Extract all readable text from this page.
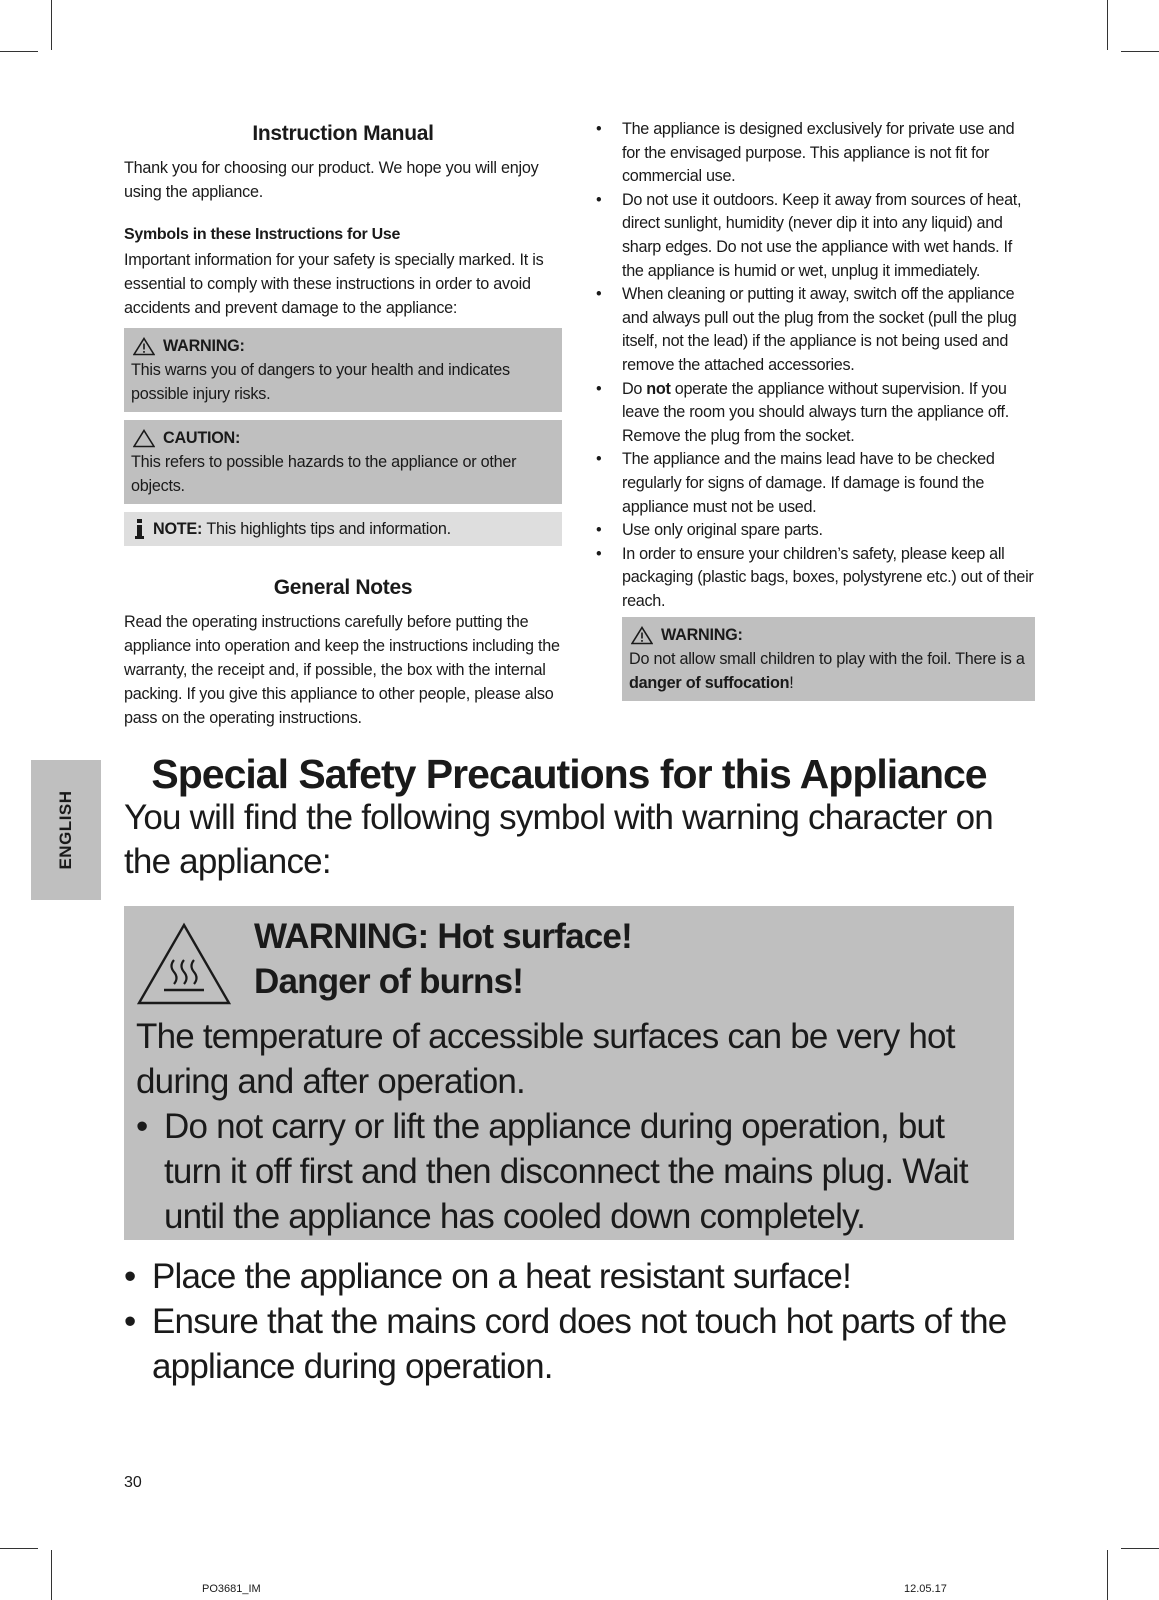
Instruction Manual

Thank you for choosing our product. We hope you will enjoy using the appliance.

Symbols in these Instructions for Use

Important information for your safety is specially marked. It is essential to comply with these instructions in order to avoid accidents and prevent damage to the appliance:

WARNING:
This warns you of dangers to your health and indicates possible injury risks.
CAUTION:
This refers to possible hazards to the appliance or other objects.
NOTE:
This highlights tips and information.
General Notes

Read the operating instructions carefully before putting the appliance into operation and keep the instructions including the warranty, the receipt and, if possible, the box with the internal packing. If you give this appliance to other people, please also pass on the operating instructions.

• The appliance is designed exclusively for private use and for the envisaged purpose. This appliance is not fit for commercial use.
• Do not use it outdoors. Keep it away from sources of heat, direct sunlight, humidity (never dip it into any liquid) and sharp edges. Do not use the appliance with wet hands. If the appliance is humid or wet, unplug it immediately.
• When cleaning or putting it away, switch off the appliance and always pull out the plug from the socket (pull the plug itself, not the lead) if the appliance is not being used and remove the attached accessories.
• Do not operate the appliance without supervision. If you leave the room you should always turn the appliance off. Remove the plug from the socket.
• The appliance and the mains lead have to be checked regularly for signs of damage. If damage is found the appliance must not be used.
• Use only original spare parts.
• In order to ensure your children’s safety, please keep all packaging (plastic bags, boxes, polystyrene etc.) out of their reach.
WARNING:
Do not allow small children to play with the foil. There is a danger of suffocation!
ENGLISH
Special Safety Precautions for this Appliance
You will find the following symbol with warning character on the appliance:
WARNING: Hot surface!
Danger of burns!
The temperature of accessible surfaces can be very hot during and after operation.
• Do not carry or lift the appliance during operation, but turn it off first and then disconnect the mains plug. Wait until the appliance has cooled down completely.
• Place the appliance on a heat resistant surface!
• Ensure that the mains cord does not touch hot parts of the appliance during operation.
30
PO3681_IM	12.05.17
